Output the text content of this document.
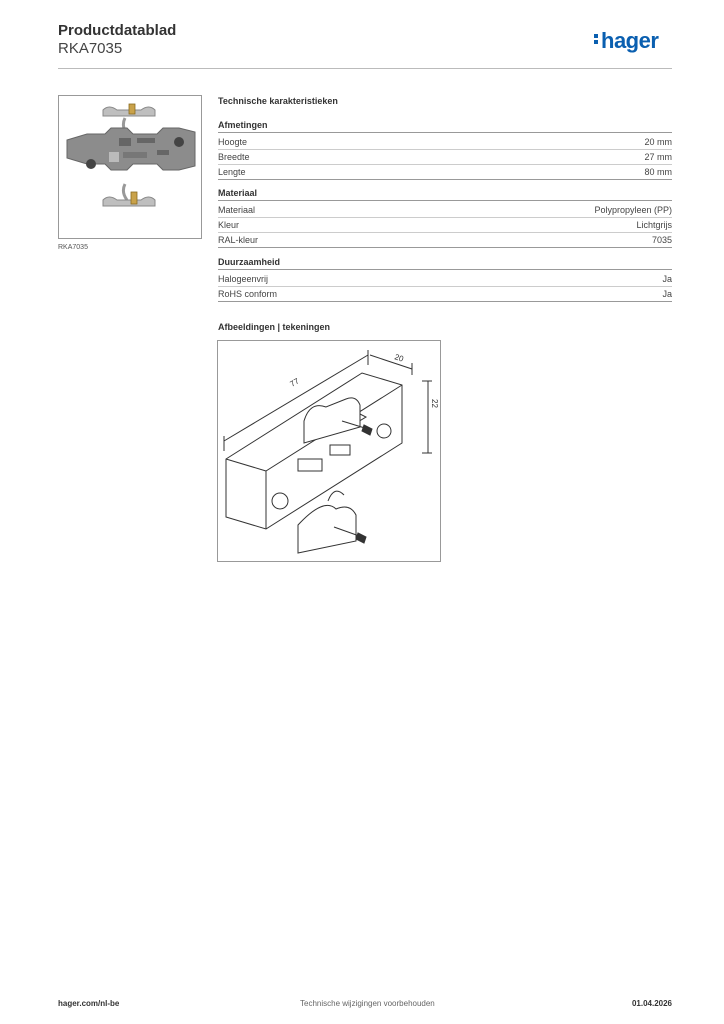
Productdatablad
RKA7035	hager
RKA7035
Technische karakteristieken
Afmetingen
Hoogte	20 mm
Breedte	27 mm
Lengte	80 mm
Materiaal
Materiaal	Polypropyleen (PP)
Kleur	Lichtgrijs
RAL-kleur	7035
Duurzaamheid
Halogeenvrij	Ja
RoHS conform	Ja
Afbeeldingen | tekeningen
77
20
22
hager.com/nl-be	Technische wijzigingen voorbehouden	01.04.2026
